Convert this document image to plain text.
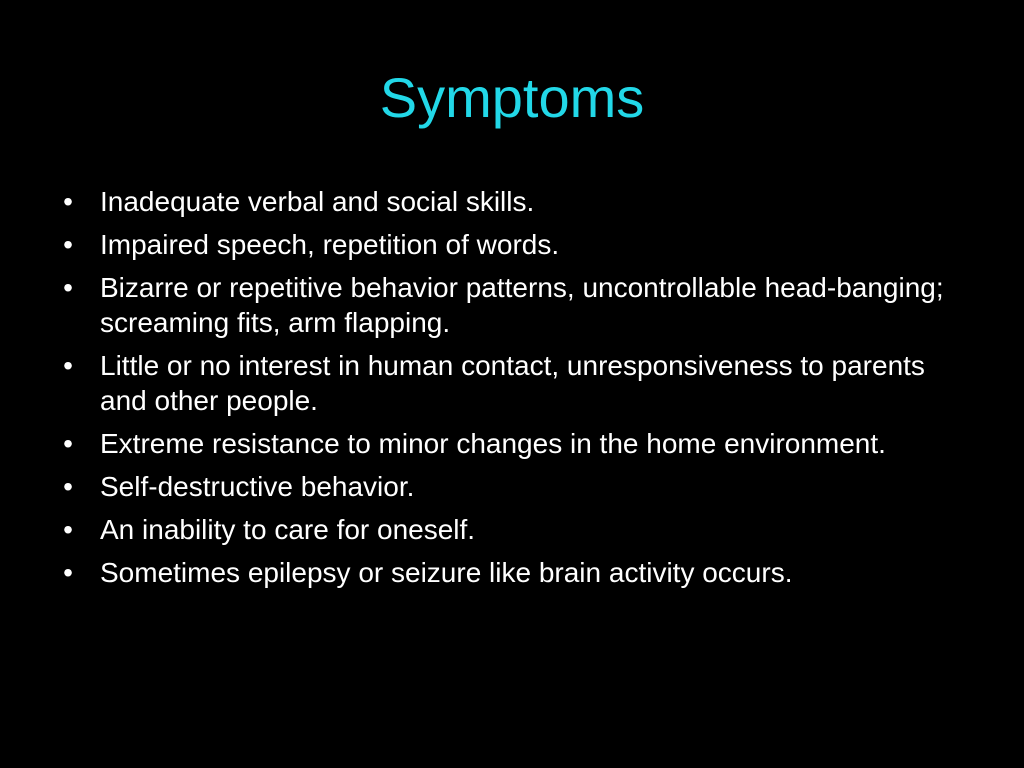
Symptoms
• Inadequate verbal and social skills.
• Impaired speech, repetition of words.
• Bizarre or repetitive behavior patterns, uncontrollable head-banging; screaming fits, arm flapping.
• Little or no interest in human contact, unresponsiveness to parents and other people.
• Extreme resistance to minor changes in the home environment.
• Self-destructive behavior.
• An inability to care for oneself.
• Sometimes epilepsy or seizure like brain activity occurs.
